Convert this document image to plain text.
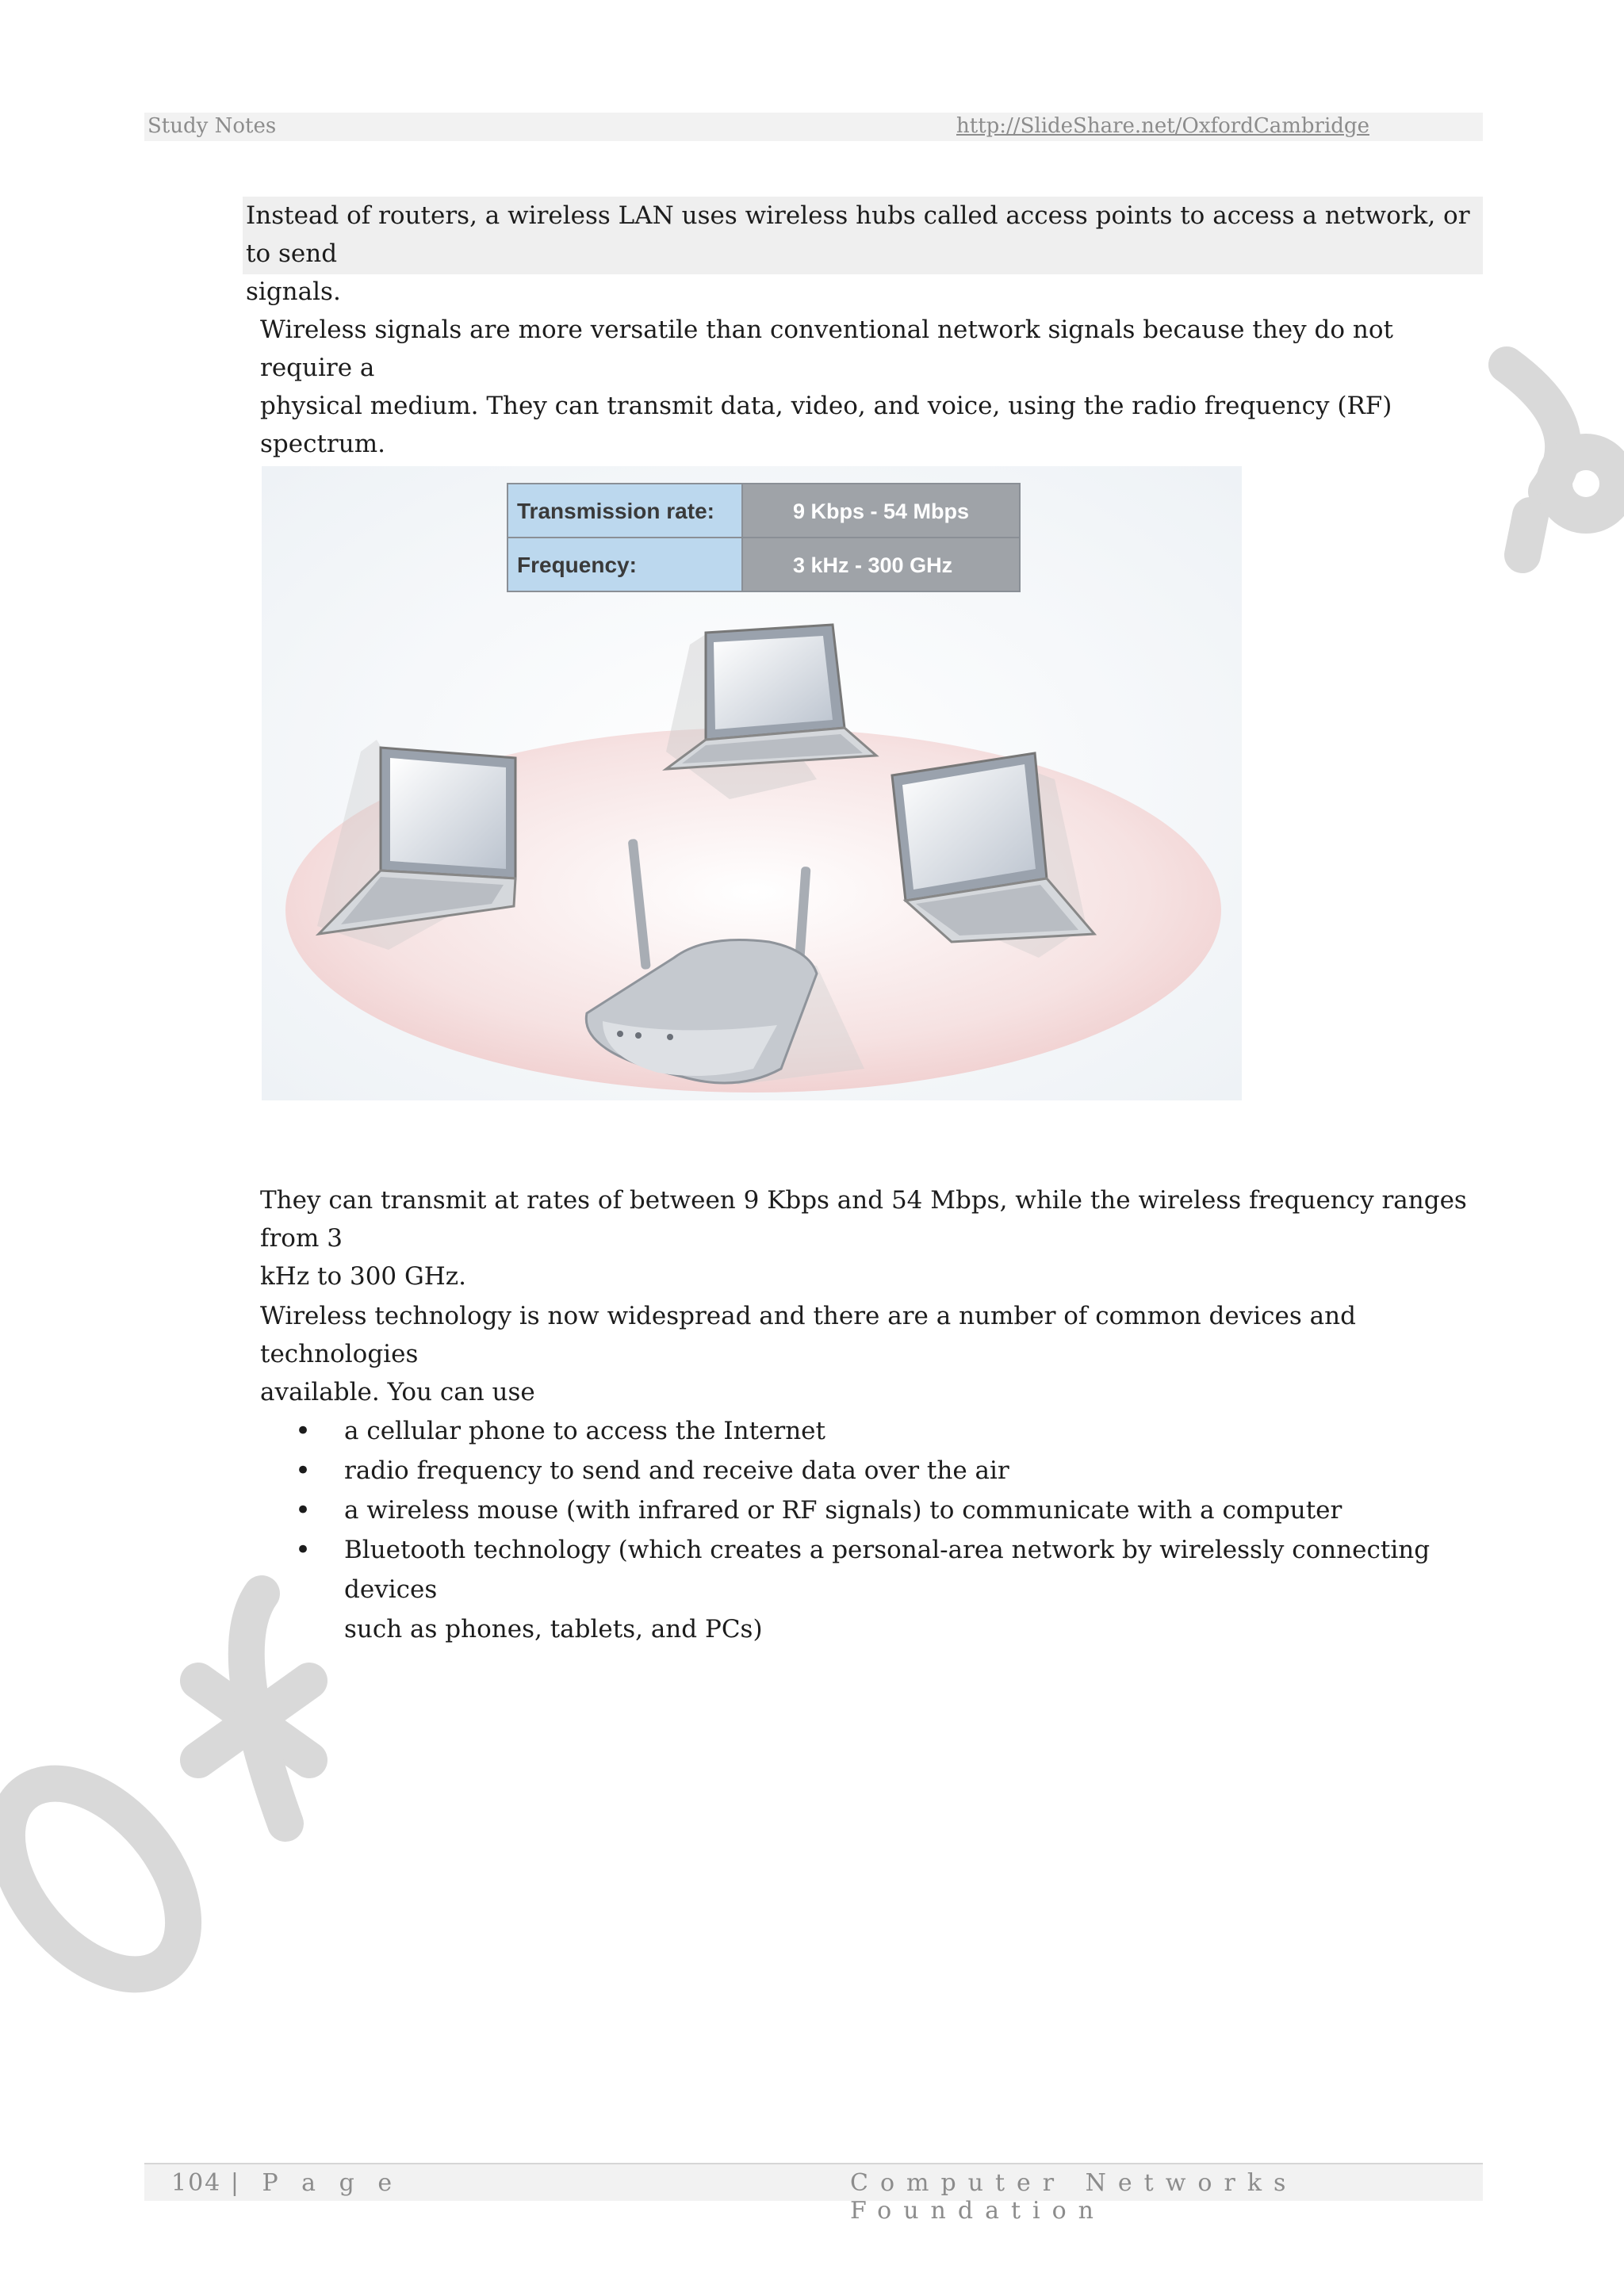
Study Notes	http://SlideShare.net/OxfordCambridge
Instead of routers, a wireless LAN uses wireless hubs called access points to access a network, or to send
signals.
Wireless signals are more versatile than conventional network signals because they do not require a
physical medium. They can transmit data, video, and voice, using the radio frequency (RF) spectrum.
Transmission rate:	9 Kbps - 54 Mbps
Frequency:	3 kHz - 300 GHz
They can transmit at rates of between 9 Kbps and 54 Mbps, while the wireless frequency ranges from 3
kHz to 300 GHz.
Wireless technology is now widespread and there are a number of common devices and technologies
available. You can use
• a cellular phone to access the Internet
• radio frequency to send and receive data over the air
• a wireless mouse (with infrared or RF signals) to communicate with a computer
• Bluetooth technology (which creates a personal-area network by wirelessly connecting devices
such as phones, tablets, and PCs)
104 | P a g e	Computer Networks Foundation
